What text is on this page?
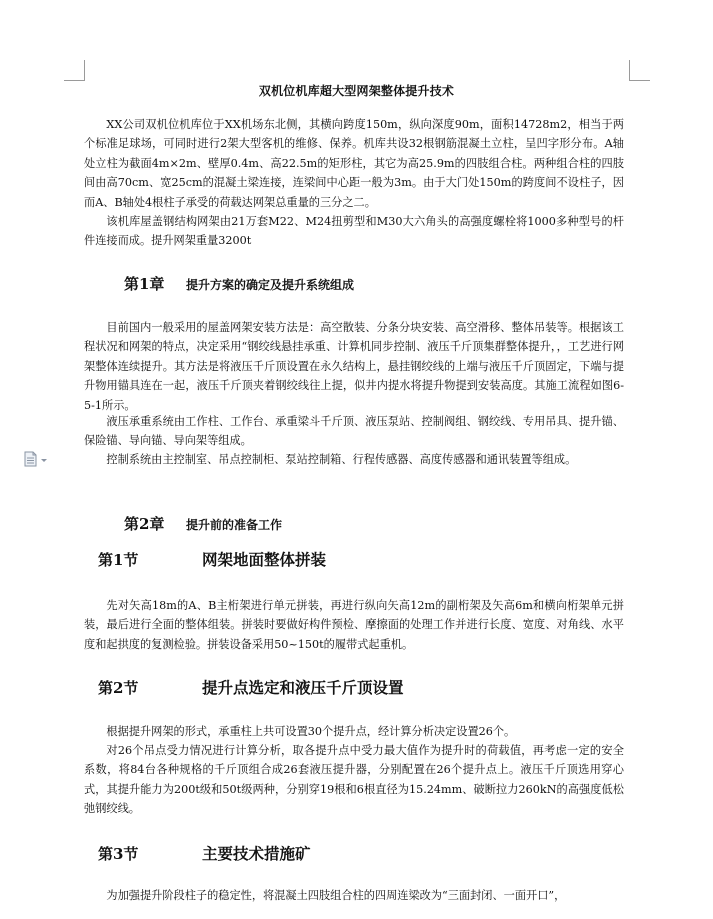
双机位机库超大型网架整体提升技术

XX公司双机位机库位于XX机场东北侧，其横向跨度150m，纵向深度90m，面积14728m2，相当于两个标准足球场，可同时进行2架大型客机的维修、保养。机库共设32根钢筋混凝土立柱，呈凹字形分布。A轴处立柱为截面4m×2m、壁厚0.4m、高22.5m的矩形柱，其它为高25.9m的四肢组合柱。两种组合柱的四肢间由高70cm、宽25cm的混凝土梁连接，连梁间中心距一般为3m。由于大门处150m的跨度间不设柱子，因而A、B轴处4根柱子承受的荷载达网架总重量的三分之二。

该机库屋盖钢结构网架由21万套M22、M24扭剪型和M30大六角头的高强度螺栓将1000多种型号的杆件连接而成。提升网架重量3200t

第1章	提升方案的确定及提升系统组成

目前国内一般采用的屋盖网架安装方法是：高空散装、分条分块安装、高空滑移、整体吊装等。根据该工程状况和网架的特点，决定采用“钢绞线悬挂承重、计算机同步控制、液压千斤顶集群整体提升，，工艺进行网架整体连续提升。其方法是将液压千斤顶设置在永久结构上，悬挂钢绞线的上端与液压千斤顶固定，下端与提升物用锚具连在一起，液压千斤顶夹着钢绞线往上提，似井内提水将提升物提到安装高度。其施工流程如图6-5-1所示。

液压承重系统由工作柱、工作台、承重梁斗千斤顶、液压泵站、控制阀组、钢绞线、专用吊具、提升锚、保险锚、导向锚、导向架等组成。

控制系统由主控制室、吊点控制柜、泵站控制箱、行程传感器、高度传感器和通讯装置等组成。

第2章	提升前的准备工作
第1节	网架地面整体拼装

先对矢高18m的A、B主桁架进行单元拼装，再进行纵向矢高12m的副桁架及矢高6m和横向桁架单元拼装，最后进行全面的整体组装。拼装时要做好构件预检、摩擦面的处理工作并进行长度、宽度、对角线、水平度和起拱度的复测检验。拼装设备采用50~150t的履带式起重机。

第2节	提升点选定和液压千斤顶设置

根据提升网架的形式，承重柱上共可设置30个提升点，经计算分析决定设置26个。

对26个吊点受力情况进行计算分析，取各提升点中受力最大值作为提升时的荷载值，再考虑一定的安全系数，将84台各种规格的千斤顶组合成26套液压提升器，分别配置在26个提升点上。液压千斤顶选用穿心式，其提升能力为200t级和50t级两种，分别穿19根和6根直径为15.24mm、破断拉力260kN的高强度低松弛钢绞线。

第3节	主要技术措施矿

为加强提升阶段柱子的稳定性，将混凝土四肢组合柱的四周连梁改为“三面封闭、一面开口”，
